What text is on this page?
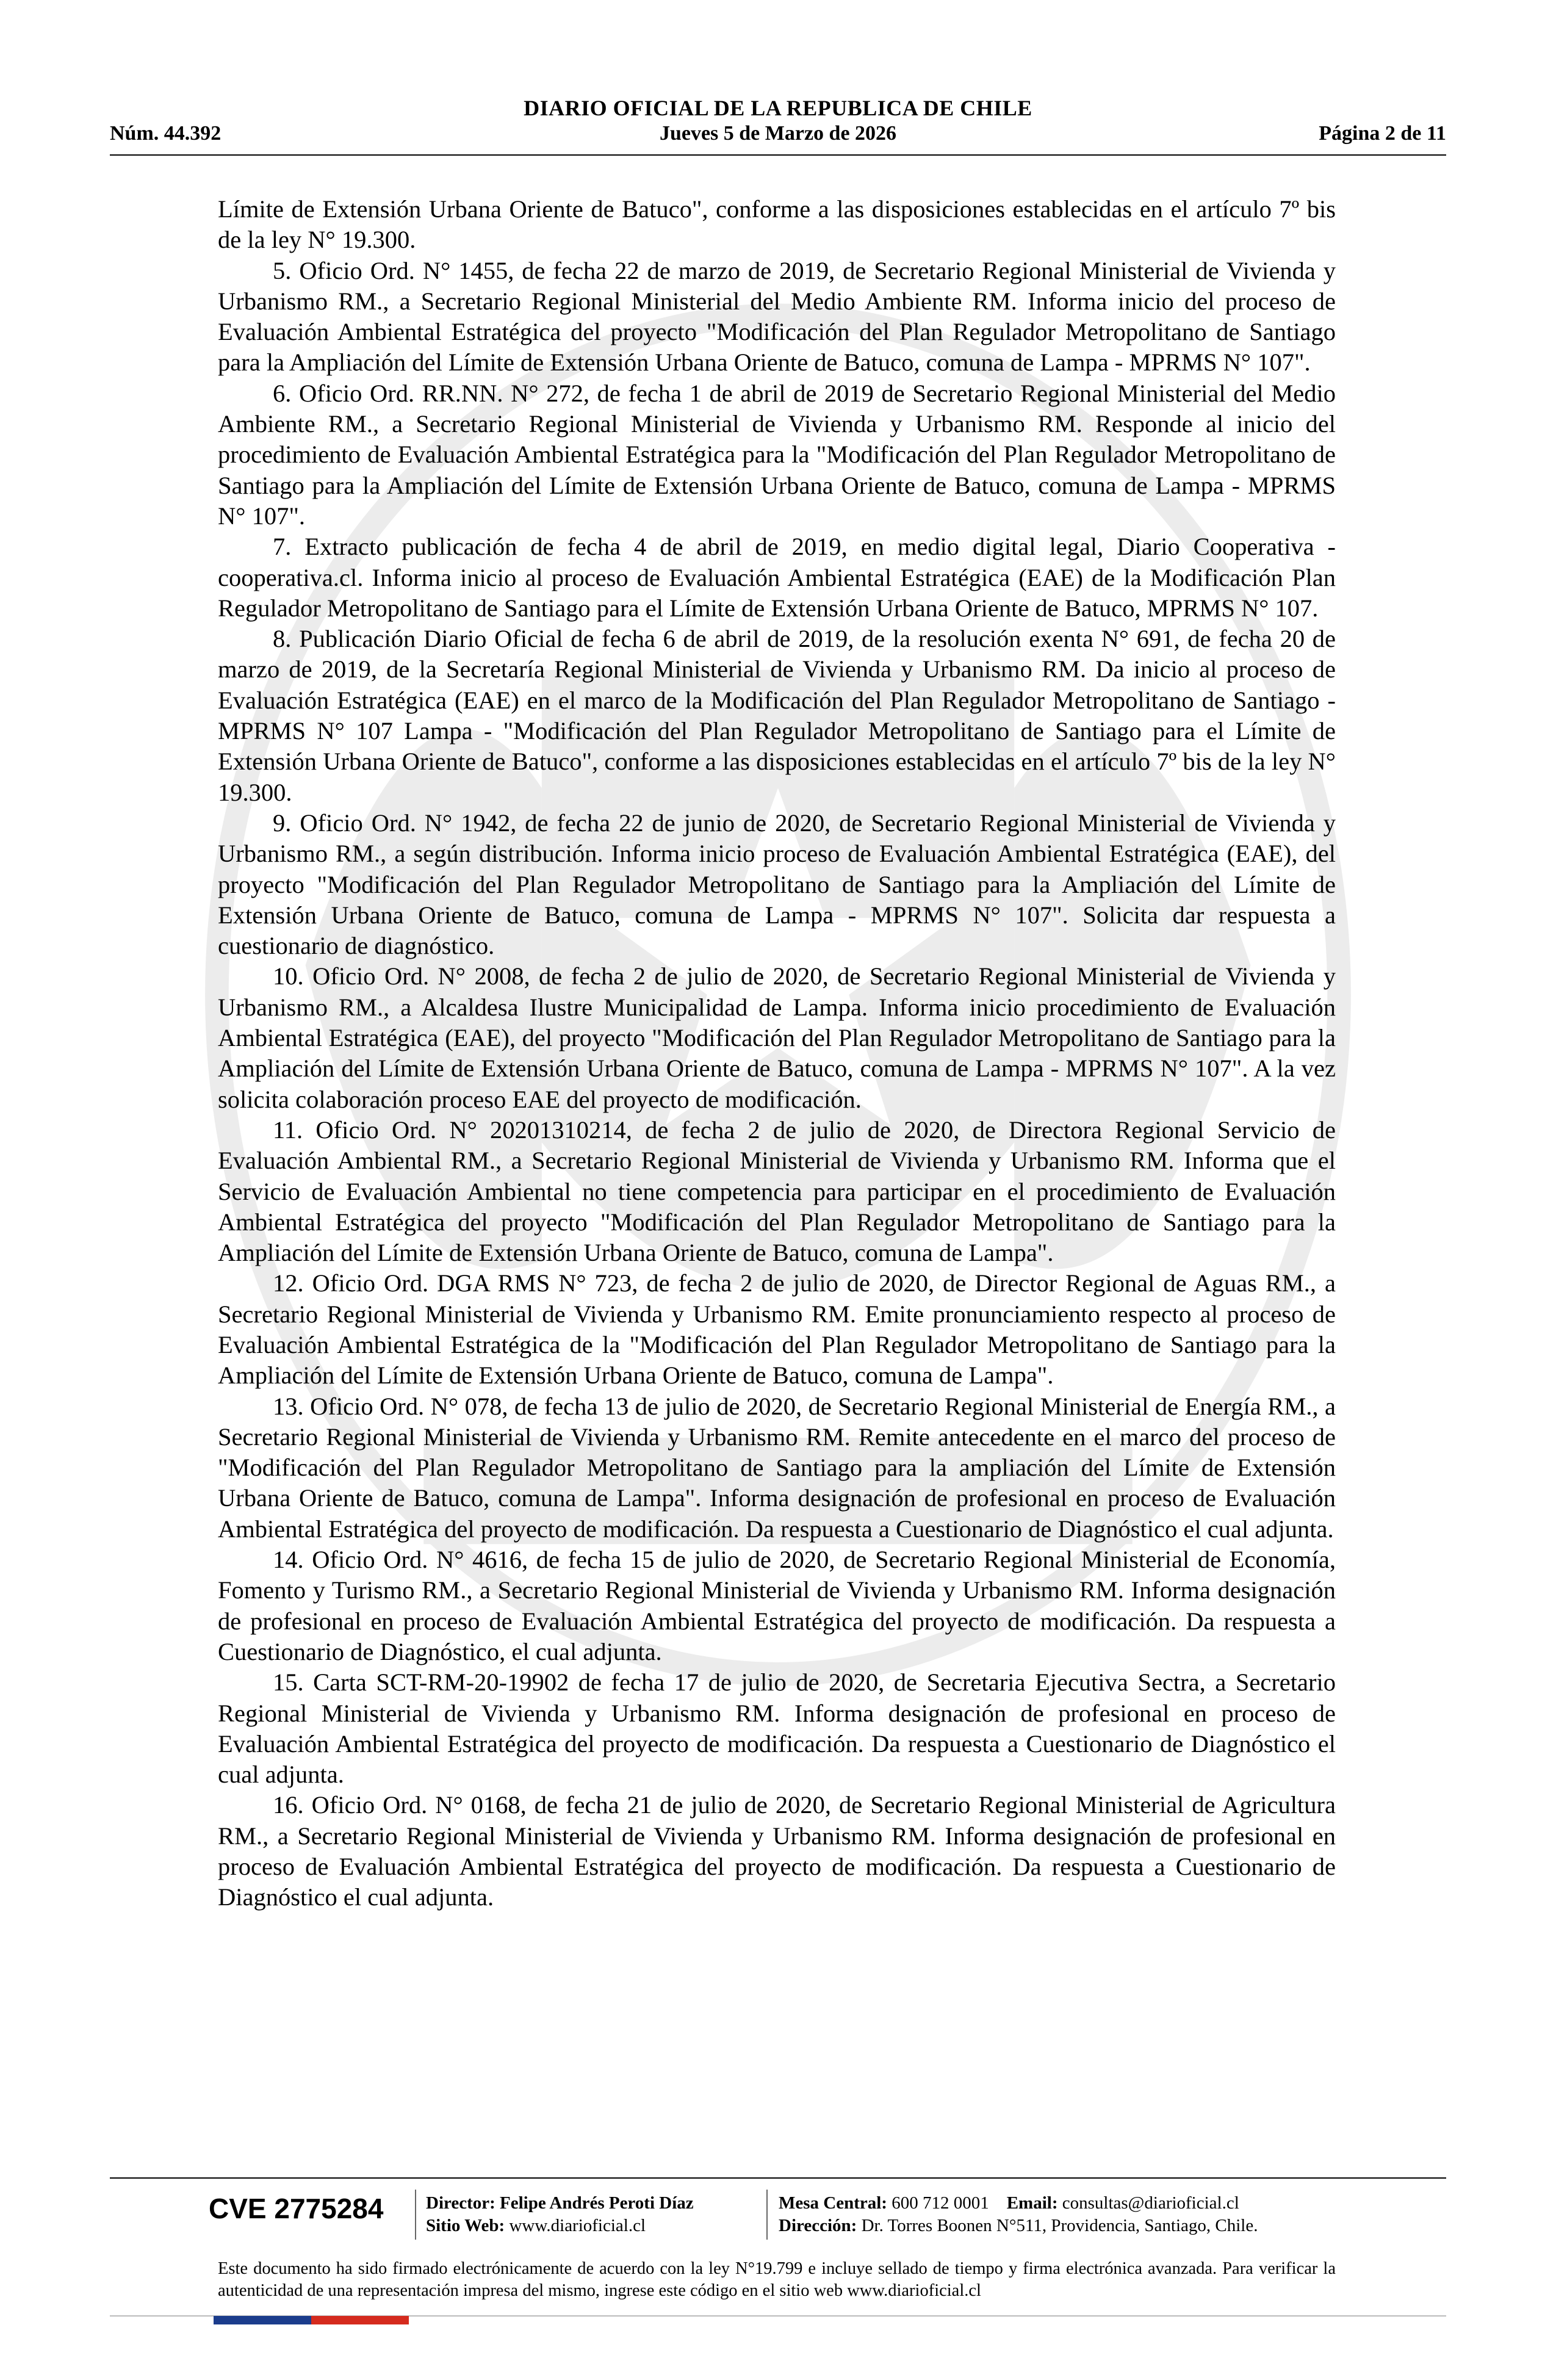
DIARIO OFICIAL DE LA REPUBLICA DE CHILE
Núm. 44.392	Jueves 5 de Marzo de 2026	Página 2 de 11

Límite de Extensión Urbana Oriente de Batuco", conforme a las disposiciones establecidas en el artículo 7º bis de la ley N° 19.300.

5. Oficio Ord. N° 1455, de fecha 22 de marzo de 2019, de Secretario Regional Ministerial de Vivienda y Urbanismo RM., a Secretario Regional Ministerial del Medio Ambiente RM. Informa inicio del proceso de Evaluación Ambiental Estratégica del proyecto "Modificación del Plan Regulador Metropolitano de Santiago para la Ampliación del Límite de Extensión Urbana Oriente de Batuco, comuna de Lampa - MPRMS N° 107".

6. Oficio Ord. RR.NN. N° 272, de fecha 1 de abril de 2019 de Secretario Regional Ministerial del Medio Ambiente RM., a Secretario Regional Ministerial de Vivienda y Urbanismo RM. Responde al inicio del procedimiento de Evaluación Ambiental Estratégica para la "Modificación del Plan Regulador Metropolitano de Santiago para la Ampliación del Límite de Extensión Urbana Oriente de Batuco, comuna de Lampa - MPRMS N° 107".

7. Extracto publicación de fecha 4 de abril de 2019, en medio digital legal, Diario Cooperativa - cooperativa.cl. Informa inicio al proceso de Evaluación Ambiental Estratégica (EAE) de la Modificación Plan Regulador Metropolitano de Santiago para el Límite de Extensión Urbana Oriente de Batuco, MPRMS N° 107.

8. Publicación Diario Oficial de fecha 6 de abril de 2019, de la resolución exenta N° 691, de fecha 20 de marzo de 2019, de la Secretaría Regional Ministerial de Vivienda y Urbanismo RM. Da inicio al proceso de Evaluación Estratégica (EAE) en el marco de la Modificación del Plan Regulador Metropolitano de Santiago - MPRMS N° 107 Lampa - "Modificación del Plan Regulador Metropolitano de Santiago para el Límite de Extensión Urbana Oriente de Batuco", conforme a las disposiciones establecidas en el artículo 7º bis de la ley N° 19.300.

9. Oficio Ord. N° 1942, de fecha 22 de junio de 2020, de Secretario Regional Ministerial de Vivienda y Urbanismo RM., a según distribución. Informa inicio proceso de Evaluación Ambiental Estratégica (EAE), del proyecto "Modificación del Plan Regulador Metropolitano de Santiago para la Ampliación del Límite de Extensión Urbana Oriente de Batuco, comuna de Lampa - MPRMS N° 107". Solicita dar respuesta a cuestionario de diagnóstico.

10. Oficio Ord. N° 2008, de fecha 2 de julio de 2020, de Secretario Regional Ministerial de Vivienda y Urbanismo RM., a Alcaldesa Ilustre Municipalidad de Lampa. Informa inicio procedimiento de Evaluación Ambiental Estratégica (EAE), del proyecto "Modificación del Plan Regulador Metropolitano de Santiago para la Ampliación del Límite de Extensión Urbana Oriente de Batuco, comuna de Lampa - MPRMS N° 107". A la vez solicita colaboración proceso EAE del proyecto de modificación.

11. Oficio Ord. N° 20201310214, de fecha 2 de julio de 2020, de Directora Regional Servicio de Evaluación Ambiental RM., a Secretario Regional Ministerial de Vivienda y Urbanismo RM. Informa que el Servicio de Evaluación Ambiental no tiene competencia para participar en el procedimiento de Evaluación Ambiental Estratégica del proyecto "Modificación del Plan Regulador Metropolitano de Santiago para la Ampliación del Límite de Extensión Urbana Oriente de Batuco, comuna de Lampa".

12. Oficio Ord. DGA RMS N° 723, de fecha 2 de julio de 2020, de Director Regional de Aguas RM., a Secretario Regional Ministerial de Vivienda y Urbanismo RM. Emite pronunciamiento respecto al proceso de Evaluación Ambiental Estratégica de la "Modificación del Plan Regulador Metropolitano de Santiago para la Ampliación del Límite de Extensión Urbana Oriente de Batuco, comuna de Lampa".

13. Oficio Ord. N° 078, de fecha 13 de julio de 2020, de Secretario Regional Ministerial de Energía RM., a Secretario Regional Ministerial de Vivienda y Urbanismo RM. Remite antecedente en el marco del proceso de "Modificación del Plan Regulador Metropolitano de Santiago para la ampliación del Límite de Extensión Urbana Oriente de Batuco, comuna de Lampa". Informa designación de profesional en proceso de Evaluación Ambiental Estratégica del proyecto de modificación. Da respuesta a Cuestionario de Diagnóstico el cual adjunta.

14. Oficio Ord. N° 4616, de fecha 15 de julio de 2020, de Secretario Regional Ministerial de Economía, Fomento y Turismo RM., a Secretario Regional Ministerial de Vivienda y Urbanismo RM. Informa designación de profesional en proceso de Evaluación Ambiental Estratégica del proyecto de modificación. Da respuesta a Cuestionario de Diagnóstico, el cual adjunta.

15. Carta SCT-RM-20-19902 de fecha 17 de julio de 2020, de Secretaria Ejecutiva Sectra, a Secretario Regional Ministerial de Vivienda y Urbanismo RM. Informa designación de profesional en proceso de Evaluación Ambiental Estratégica del proyecto de modificación. Da respuesta a Cuestionario de Diagnóstico el cual adjunta.

16. Oficio Ord. N° 0168, de fecha 21 de julio de 2020, de Secretario Regional Ministerial de Agricultura RM., a Secretario Regional Ministerial de Vivienda y Urbanismo RM. Informa designación de profesional en proceso de Evaluación Ambiental Estratégica del proyecto de modificación. Da respuesta a Cuestionario de Diagnóstico el cual adjunta.

CVE 2775284 Director: Felipe Andrés Peroti Díaz
Sitio Web: www.diarioficial.cl
Mesa Central: 600 712 0001 Email: consultas@diarioficial.cl
Dirección: Dr. Torres Boonen N°511, Providencia, Santiago, Chile.
Este documento ha sido firmado electrónicamente de acuerdo con la ley N°19.799 e incluye sellado de tiempo y firma electrónica avanzada. Para verificar la autenticidad de una representación impresa del mismo, ingrese este código en el sitio web www.diarioficial.cl
